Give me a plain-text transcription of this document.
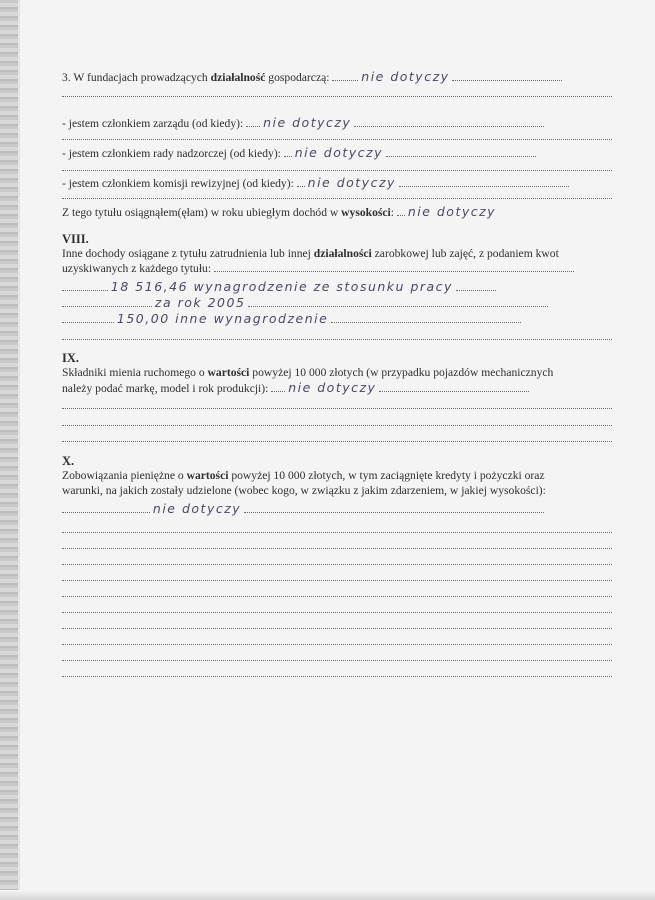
3. W fundacjach prowadzących działalność gospodarczą:  nie dotyczy
- jestem członkiem zarządu (od kiedy): nie dotyczy
- jestem członkiem rady nadzorczej (od kiedy): nie dotyczy
- jestem członkiem komisji rewizyjnej (od kiedy): nie dotyczy
Z tego tytułu osiągnąłem(ęłam) w roku ubiegłym dochód w wysokości: nie dotyczy
VIII.
Inne dochody osiągane z tytułu zatrudnienia lub innej działalności zarobkowej lub zajęć, z podaniem kwot
uzyskiwanych z każdego tytułu:
18 516,46 wynagrodzenie ze stosunku pracy
za rok 2005
150,00 inne wynagrodzenie
IX.
Składniki mienia ruchomego o wartości powyżej 10 000 złotych (w przypadku pojazdów mechanicznych
należy podać markę, model i rok produkcji): nie dotyczy
X.
Zobowiązania pieniężne o wartości powyżej 10 000 złotych, w tym zaciągnięte kredyty i pożyczki oraz
warunki, na jakich zostały udzielone (wobec kogo, w związku z jakim zdarzeniem, w jakiej wysokości):
nie dotyczy
